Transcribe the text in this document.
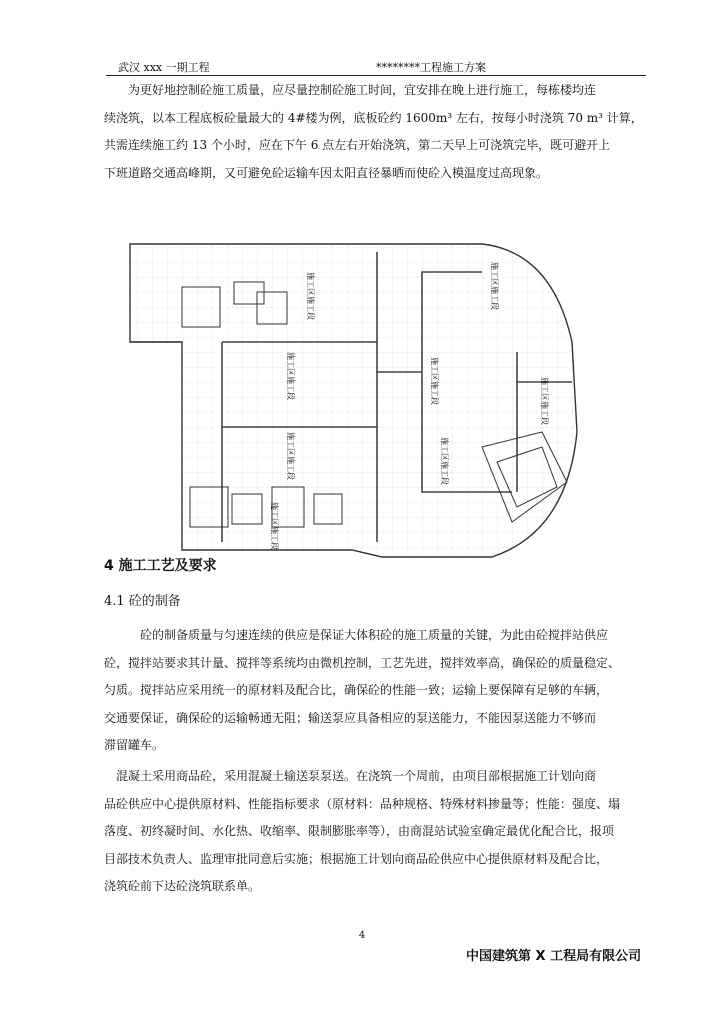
武汉 xxx 一期工程	********工程施工方案
为更好地控制砼施工质量，应尽量控制砼施工时间，宜安排在晚上进行施工，每栋楼均连
续浇筑，以本工程底板砼量最大的 4#楼为例，底板砼约 1600m³ 左右，按每小时浇筑 70 m³ 计算，
共需连续施工约 13 个小时，应在下午 6 点左右开始浇筑，第二天早上可浇筑完毕，既可避开上
下班道路交通高峰期，又可避免砼运输车因太阳直径暴晒而使砼入模温度过高现象。
施工区施工段	施工区施工段
施工区施工段	施工区施工段	施工区施工段
施工区施工段	施工区施工段
施工区施工段
4 施工工艺及要求
4.1 砼的制备
砼的制备质量与匀速连续的供应是保证大体积砼的施工质量的关键，为此由砼搅拌站供应
砼，搅拌站要求其计量、搅拌等系统均由微机控制，工艺先进，搅拌效率高，确保砼的质量稳定、
匀质。搅拌站应采用统一的原材料及配合比，确保砼的性能一致；运输上要保障有足够的车辆，
交通要保证，确保砼的运输畅通无阻；输送泵应具备相应的泵送能力，不能因泵送能力不够而
滞留罐车。
混凝土采用商品砼，采用混凝土输送泵泵送。在浇筑一个周前，由项目部根据施工计划向商
品砼供应中心提供原材料、性能指标要求（原材料：品种规格、特殊材料掺量等；性能：强度、塌
落度、初终凝时间、水化热、收缩率、限制膨胀率等），由商混站试验室确定最优化配合比，报项
目部技术负责人、监理审批同意后实施；根据施工计划向商品砼供应中心提供原材料及配合比，
浇筑砼前下达砼浇筑联系单。
4
中国建筑第 X 工程局有限公司
